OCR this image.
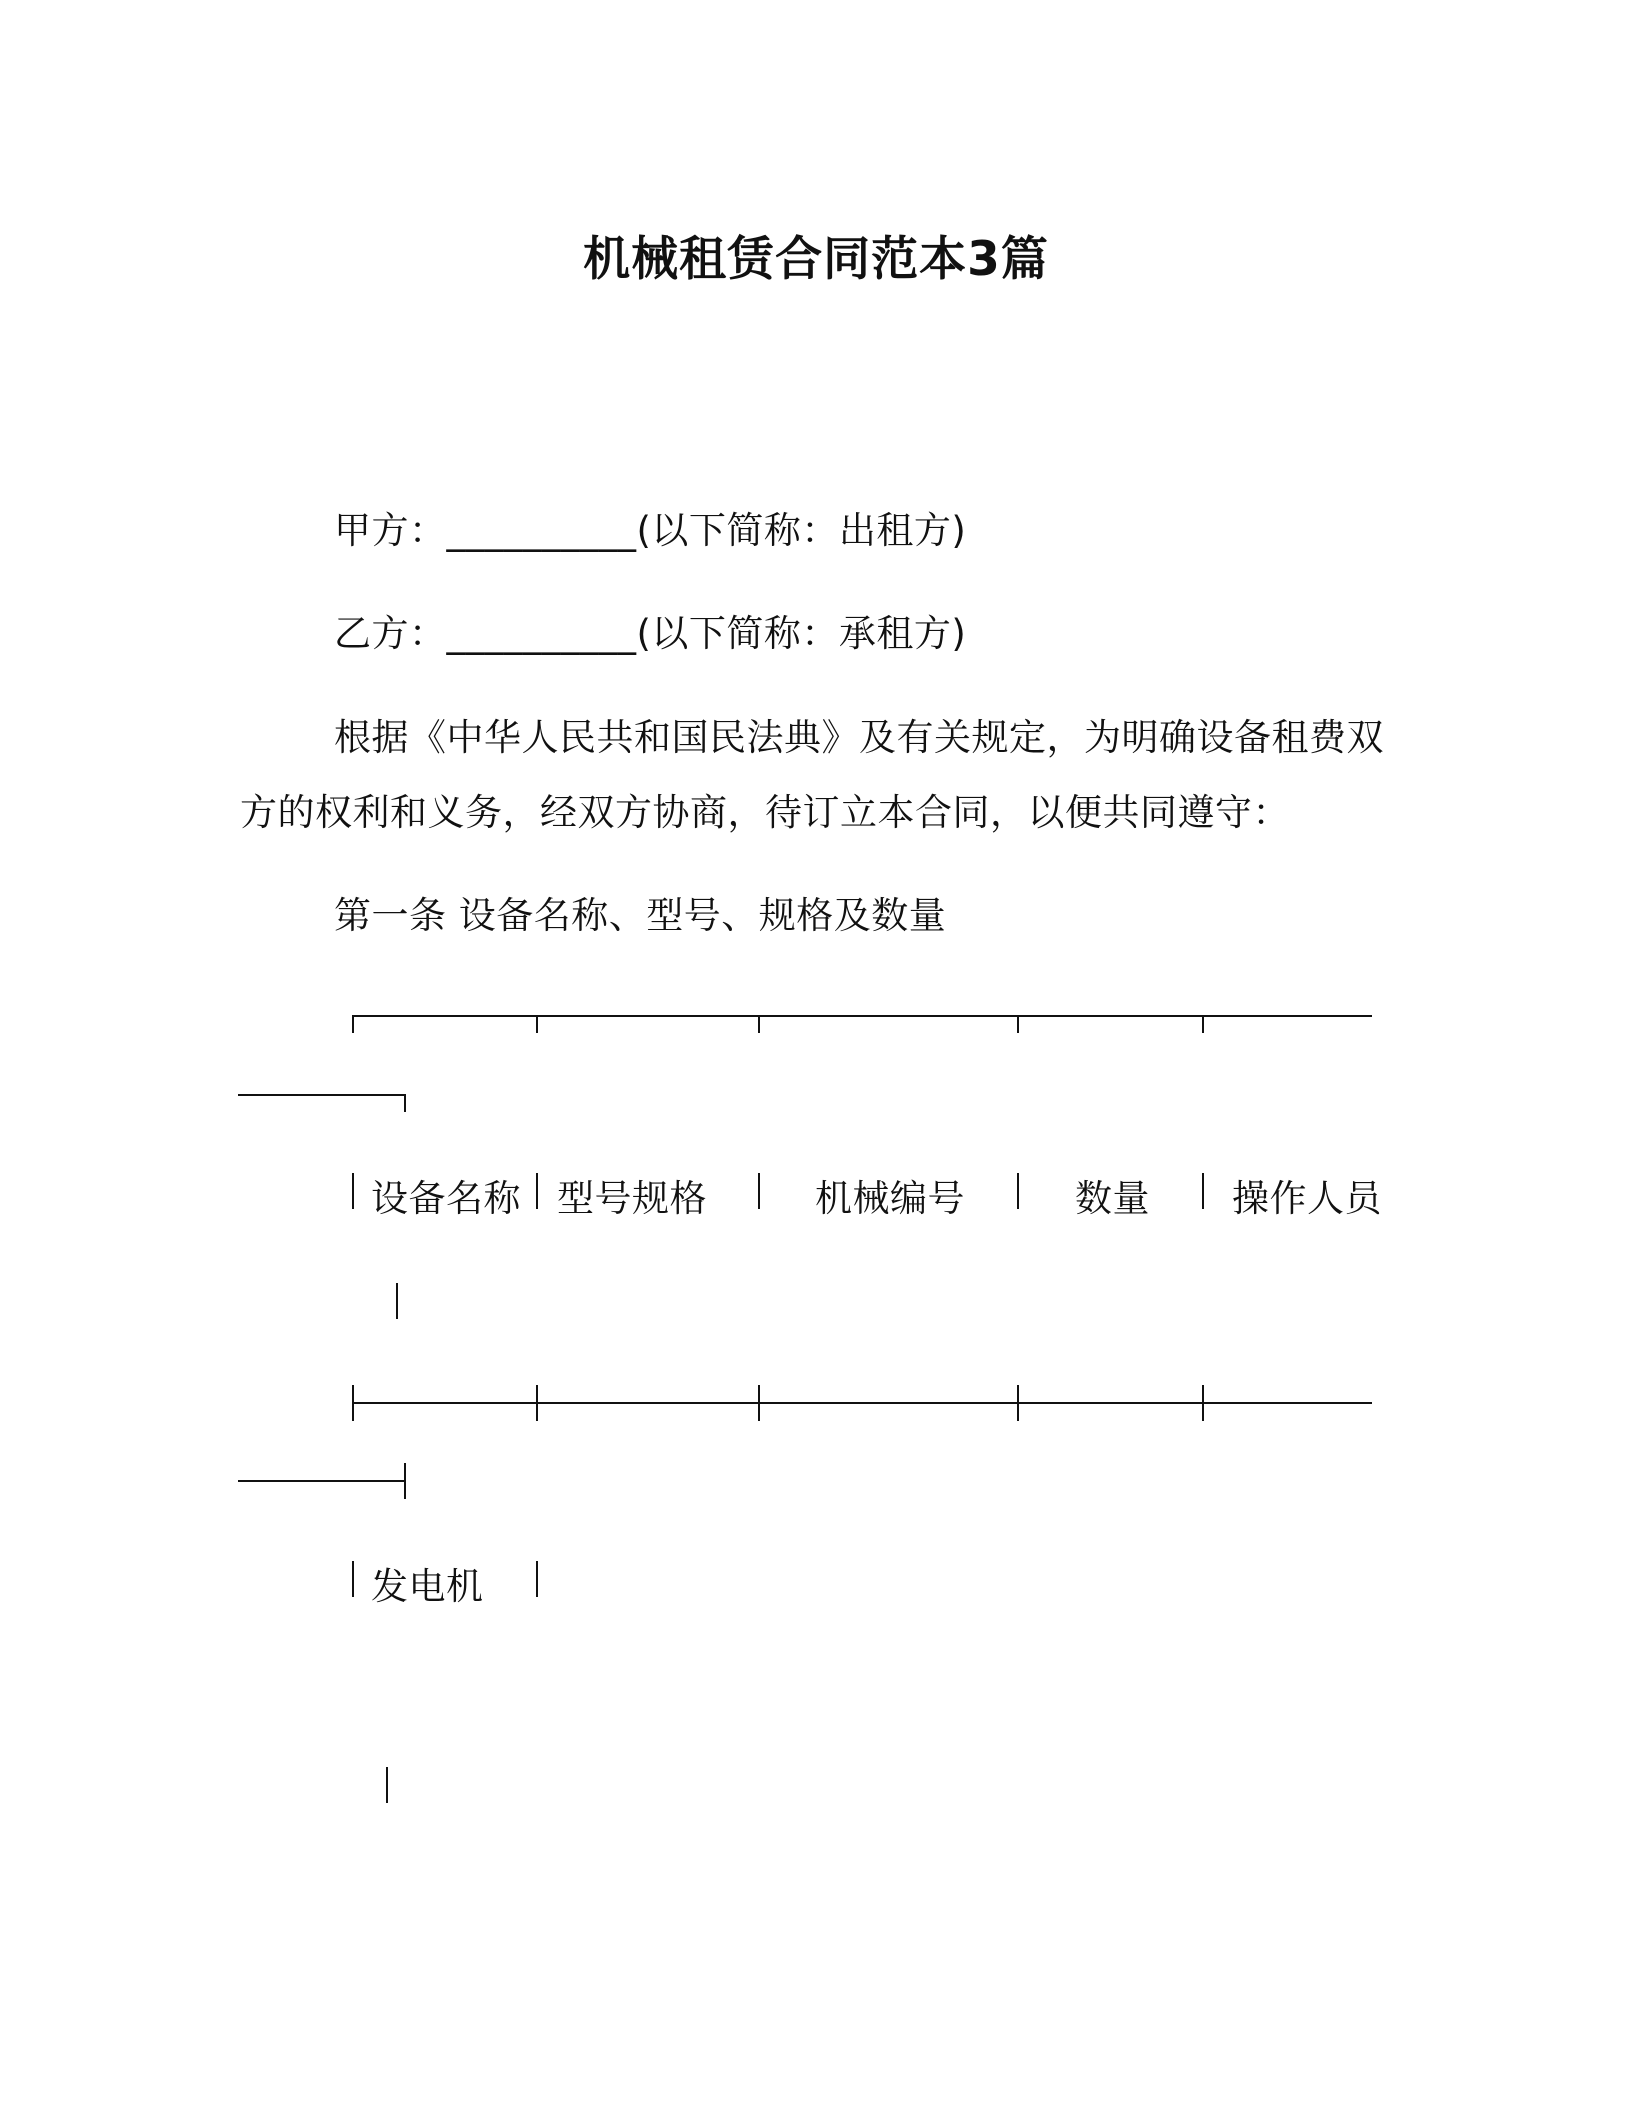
机械租赁合同范本3篇
甲方：__________(以下简称：出租方)
乙方：__________(以下简称：承租方)
根据《中华人民共和国民法典》及有关规定，为明确设备租费双
方的权利和义务，经双方协商，待订立本合同，以便共同遵守：
第一条 设备名称、型号、规格及数量
设备名称 型号规格	机械编号	数量 操作人员
发电机
